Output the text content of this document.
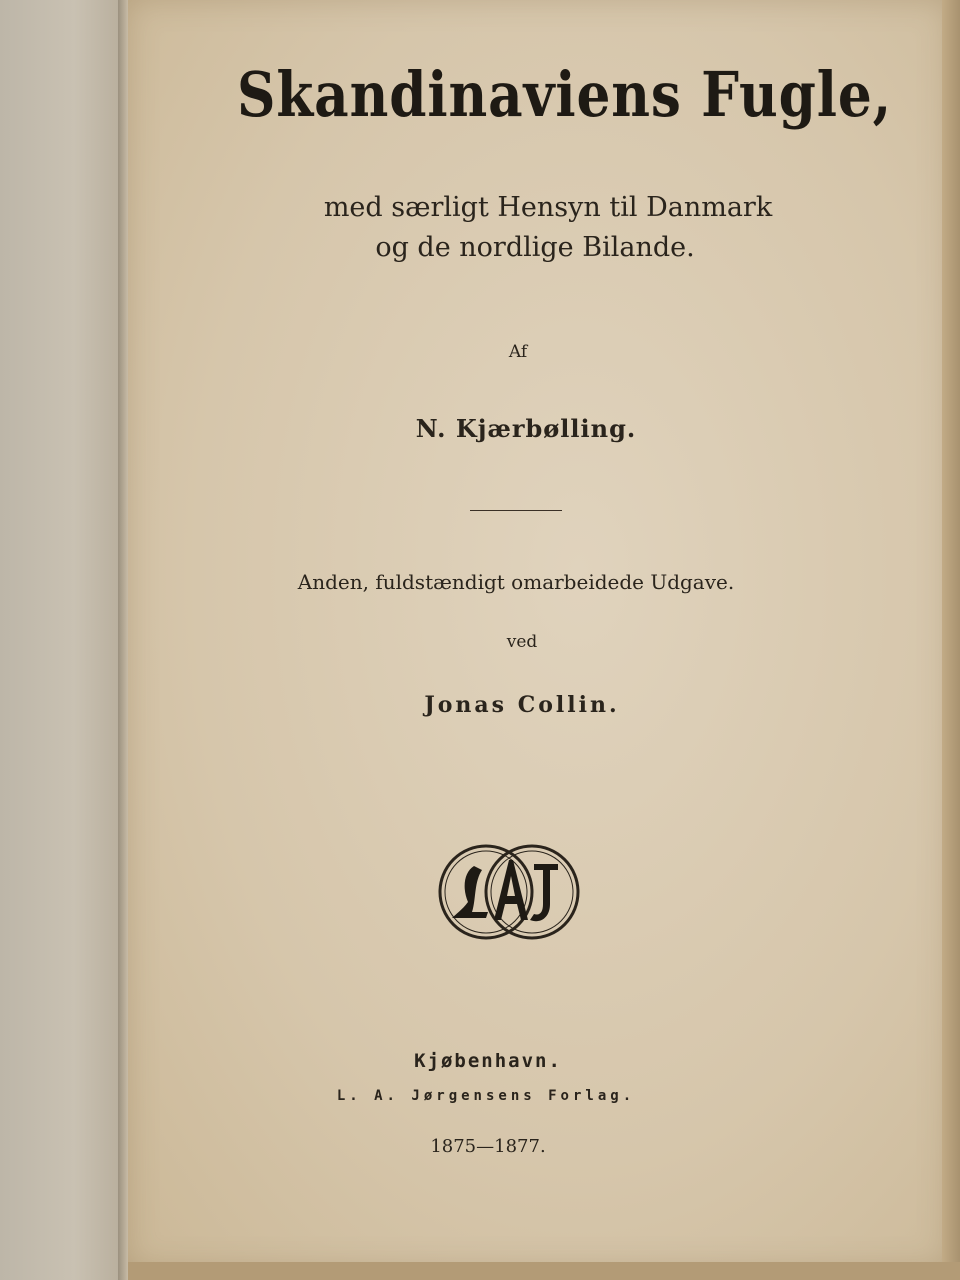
Skandinaviens Fugle,

med særligt Hensyn til Danmark

og de nordlige Bilande.

Af

N. Kjærbølling.

Anden, fuldstændigt omarbeidede Udgave.

ved

Jonas Collin.

Kjøbenhavn.

L. A. Jørgensens Forlag.

1875—1877.
